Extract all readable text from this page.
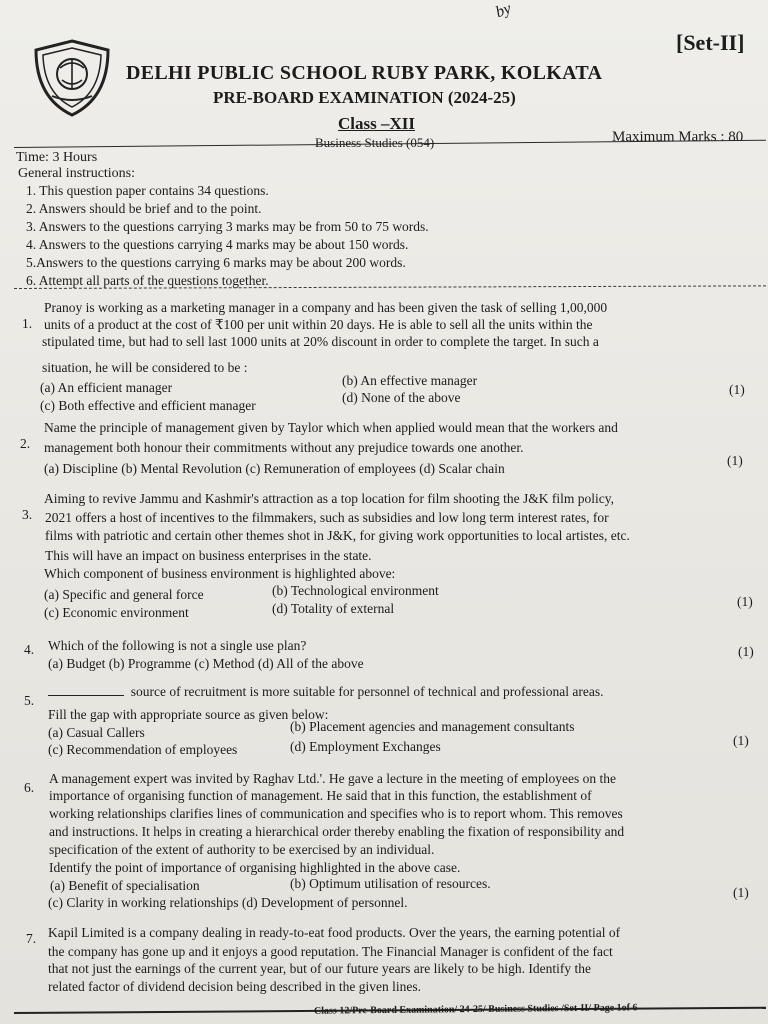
by
[Set-II]
DELHI PUBLIC SCHOOL RUBY PARK, KOLKATA
PRE-BOARD EXAMINATION (2024-25)
Class –XII
Business Studies (054)	Maximum Marks : 80
Time: 3 Hours
General instructions:
1. This question paper contains 34 questions.
2. Answers should be brief and to the point.
3. Answers to the questions carrying 3 marks may be from 50 to 75 words.
4. Answers to the questions carrying 4 marks may be about 150 words.
5.Answers to the questions carrying 6 marks may be about 200 words.
6. Attempt all parts of the questions together.
1.
Pranoy is working as a marketing manager in a company and has been given the task of selling 1,00,000
units of a product at the cost of ₹100 per unit within 20 days. He is able to sell all the units within the
stipulated time, but had to sell last 1000 units at 20% discount in order to complete the target. In such a
situation, he will be considered to be :
(a) An efficient manager	(b) An effective manager
(c) Both effective and efficient manager
(d) None of the above
(1)
2.
Name the principle of management given by Taylor which when applied would mean that the workers and
management both honour their commitments without any prejudice towards one another.
(a) Discipline (b) Mental Revolution (c) Remuneration of employees (d) Scalar chain
(1)
3.
Aiming to revive Jammu and Kashmir's attraction as a top location for film shooting the J&K film policy,
2021 offers a host of incentives to the filmmakers, such as subsidies and low long term interest rates, for
films with patriotic and certain other themes shot in J&K, for giving work opportunities to local artistes, etc.
This will have an impact on business enterprises in the state.
Which component of business environment is highlighted above:
(a) Specific and general force	(b) Technological environment
(c) Economic environment	(d) Totality of external	(1)
4. Which of the following is not a single use plan?
(a) Budget (b) Programme (c) Method (d) All of the above
(1)
5.
source of recruitment is more suitable for personnel of technical and professional areas.
Fill the gap with appropriate source as given below:
(a) Casual Callers	(b) Placement agencies and management consultants
(c) Recommendation of employees	(d) Employment Exchanges	(1)
6.
A management expert was invited by Raghav Ltd.'. He gave a lecture in the meeting of employees on the
importance of organising function of management. He said that in this function, the establishment of
working relationships clarifies lines of communication and specifies who is to report whom. This removes
and instructions. It helps in creating a hierarchical order thereby enabling the fixation of responsibility and
specification of the extent of authority to be exercised by an individual.
Identify the point of importance of organising highlighted in the above case.
(a) Benefit of specialisation	(b) Optimum utilisation of resources.
(c) Clarity in working relationships (d) Development of personnel.
(1)
7. Kapil Limited is a company dealing in ready-to-eat food products. Over the years, the earning potential of
the company has gone up and it enjoys a good reputation. The Financial Manager is confident of the fact
that not just the earnings of the current year, but of our future years are likely to be high. Identify the
related factor of dividend decision being described in the given lines.
Class 12/Pre-Board Examination/ 24-25/ Business Studies /Set-II/ Page 1of 6
